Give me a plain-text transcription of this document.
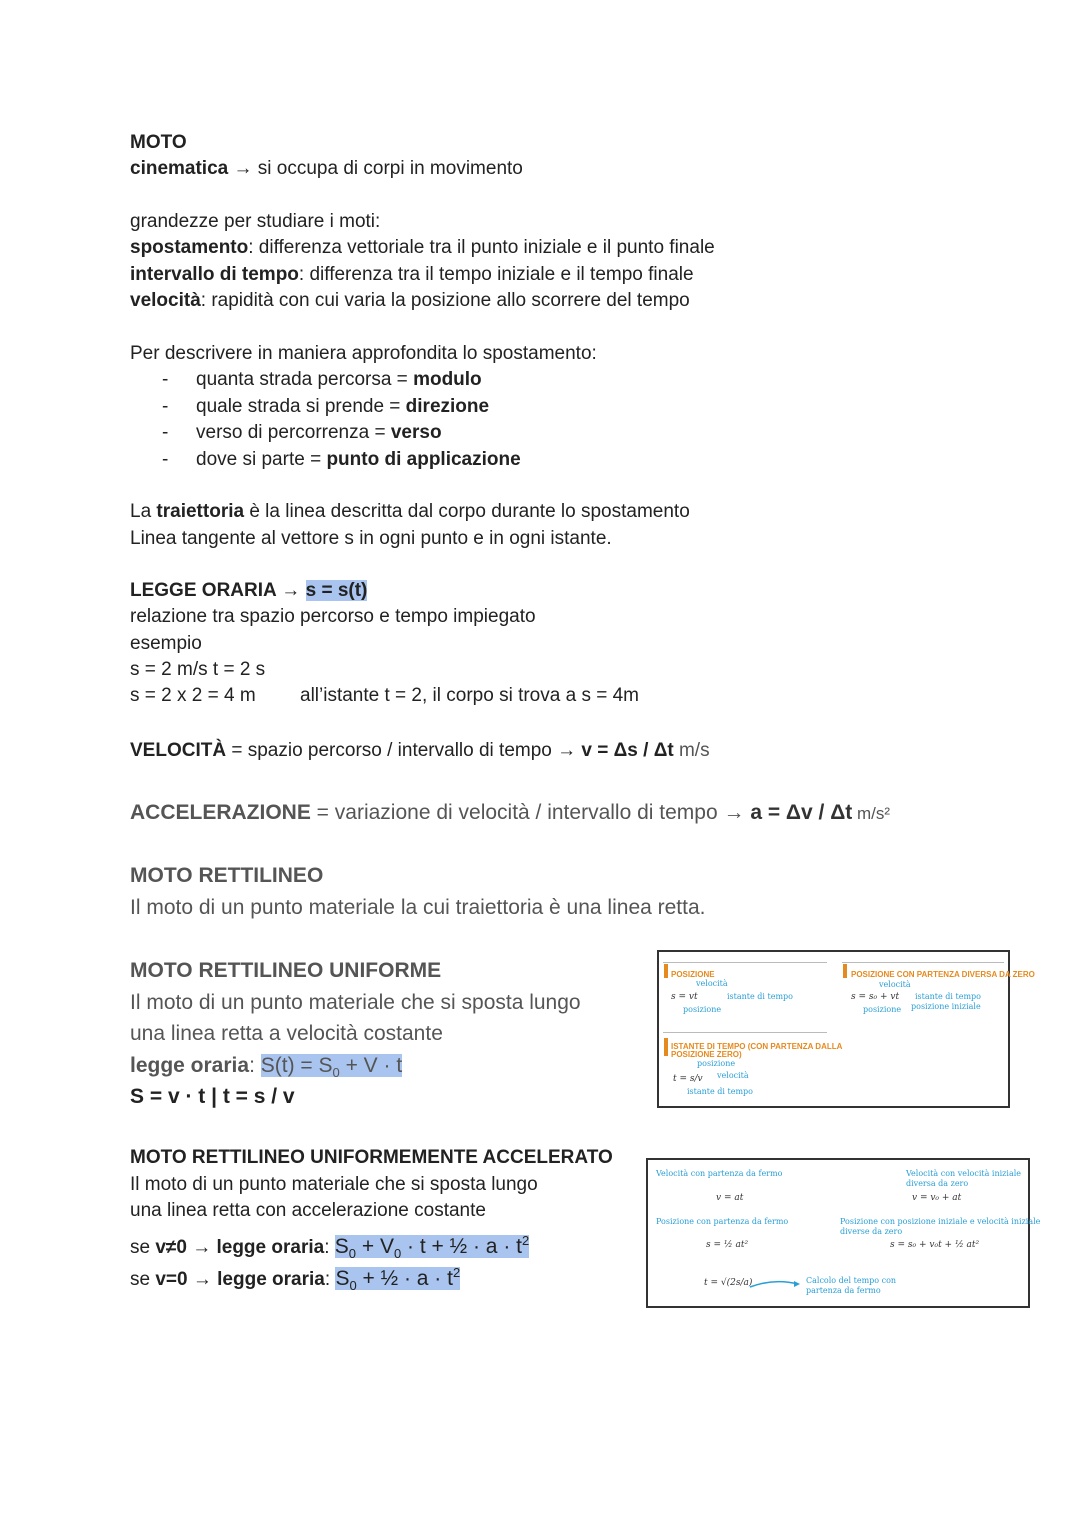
MOTO
cinematica → si occupa di corpi in movimento
grandezze per studiare i moti:
spostamento: differenza vettoriale tra il punto iniziale e il punto finale
intervallo di tempo: differenza tra il tempo iniziale e il tempo finale
velocità: rapidità con cui varia la posizione allo scorrere del tempo
Per descrivere in maniera approfondita lo spostamento:
- quanta strada percorsa = modulo
- quale strada si prende = direzione
- verso di percorrenza = verso
- dove si parte = punto di applicazione
La traiettoria è la linea descritta dal corpo durante lo spostamento
Linea tangente al vettore s in ogni punto e in ogni istante.
LEGGE ORARIA → s = s(t)
relazione tra spazio percorso e tempo impiegato
esempio
s = 2 m/s t = 2 s
s = 2 x 2 = 4 m all’istante t = 2, il corpo si trova a s = 4m
VELOCITÀ = spazio percorso / intervallo di tempo → v = Δs / Δt m/s
ACCELERAZIONE = variazione di velocità / intervallo di tempo → a = Δv / Δt m/s²
MOTO RETTILINEO
Il moto di un punto materiale la cui traiettoria è una linea retta.
MOTO RETTILINEO UNIFORME
Il moto di un punto materiale che si sposta lungo
una linea retta a velocità costante
legge oraria: $S(t) = S_0 + V \cdot t$
S = v · t | t = s / v
POSIZIONE
s = vt
velocità
istante di tempo
posizione
POSIZIONE CON PARTENZA DIVERSA DA ZERO
s = s₀ + vt
velocità
istante di tempo
posizione posizione iniziale
ISTANTE DI TEMPO (CON PARTENZA DALLA
POSIZIONE ZERO)
t = s/v
posizione
velocità
istante di tempo
MOTO RETTILINEO UNIFORMEMENTE ACCELERATO
Il moto di un punto materiale che si sposta lungo
una linea retta con accelerazione costante
se v≠0 → legge oraria: $S_0 + V_0 \cdot t$ + ½ · $a \cdot t^2$
se v=0 → legge oraria: $S_0$ + ½ · $a \cdot t^2$
Velocità con partenza da fermo
v = at
Velocità con velocità iniziale
diversa da zero
v = v₀ + at
Posizione con partenza da fermo
s = ½ at²
Posizione con posizione iniziale e velocità iniziale
diverse da zero
s = s₀ + v₀t + ½ at²
t = √(2s/a)	Calcolo del tempo con
partenza da fermo
